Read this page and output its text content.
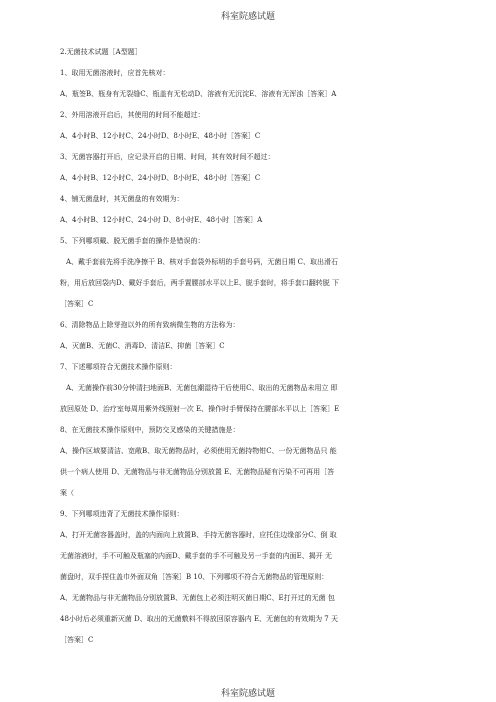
科室院感试题
2.无菌技术试题［A型题］
1、取用无菌溶液时，应首先核对：
A、瓶签B、瓶身有无裂缝C、瓶盖有无松动D、溶液有无沉淀E、溶液有无浑浊［答案］A
2、外用溶液开启后，其使用的时间不能超过：
A、4小时B、12小时C、24小时D、8小时E、48小时［答案］C
3、无菌容器打开后，应记录开启的日期、时间，其有效时间不超过：
A、4小时B、12小时C、24小时D、8小时E、48小时［答案］C
4、铺无菌盘时，其无菌盘的有效期为：
A、4小时B、12小时C、24小时 D、8小时E、48小时［答案］A
5、下列哪项戴、脱无菌手套的操作是错误的：
A、戴手套前先将手洗净擦干 B、核对手套袋外标明的手套号码，无菌日期 C、取出滑石
粉，用后放回袋内D、戴好手套后，两手置腰部水平以上E、脱手套时，将手套口翻转脱 下
［答案］C
6、清除物品上除芽孢以外的所有致病微生物的方法称为：
A、灭菌B、无菌C、消毒D、清洁E、抑菌［答案］C
7、下述哪项符合无菌技术操作原则：
A、无菌操作前30分钟清扫地面B、无菌包潮湿待干后使用C、取出的无菌物品未用立 即
放回原处 D、治疗室每周用紫外线照射一次 E、操作时手臂保持在腰部水平以上［答案］E
8、在无菌技术操作原则中，预防交叉感染的关键措施是：
A、操作区域要清洁、宽敞B、取无菌物品时，必须使用无菌持物钳C、一份无菌物品只 能
供一个病人使用 D、无菌物品与非无菌物品分别放置 E、无菌物品疑有污染不可再用［答
案（
9、下列哪项违背了无菌技术操作原则：
A、打开无菌容器盖时，盖的内面向上放置B、手持无菌容器时，应托住边缘部分C、倒 取
无菌溶液时，手不可触及瓶塞的内面D、戴手套的手不可触及另一手套的内面E、揭开 无
菌盘时，双手捏住盖巾外面双角［答案］B 10、下列哪项不符合无菌物品的管理原则：
A、无菌物品与非无菌物品分别放置B、无菌包上必须注明灭菌日期C、E打开过的无菌 包
48小时后必须重新灭菌 D、取出的无菌敷料不得放回原容器内 E、无菌包的有效期为 7 天
［答案］C
科室院感试题
